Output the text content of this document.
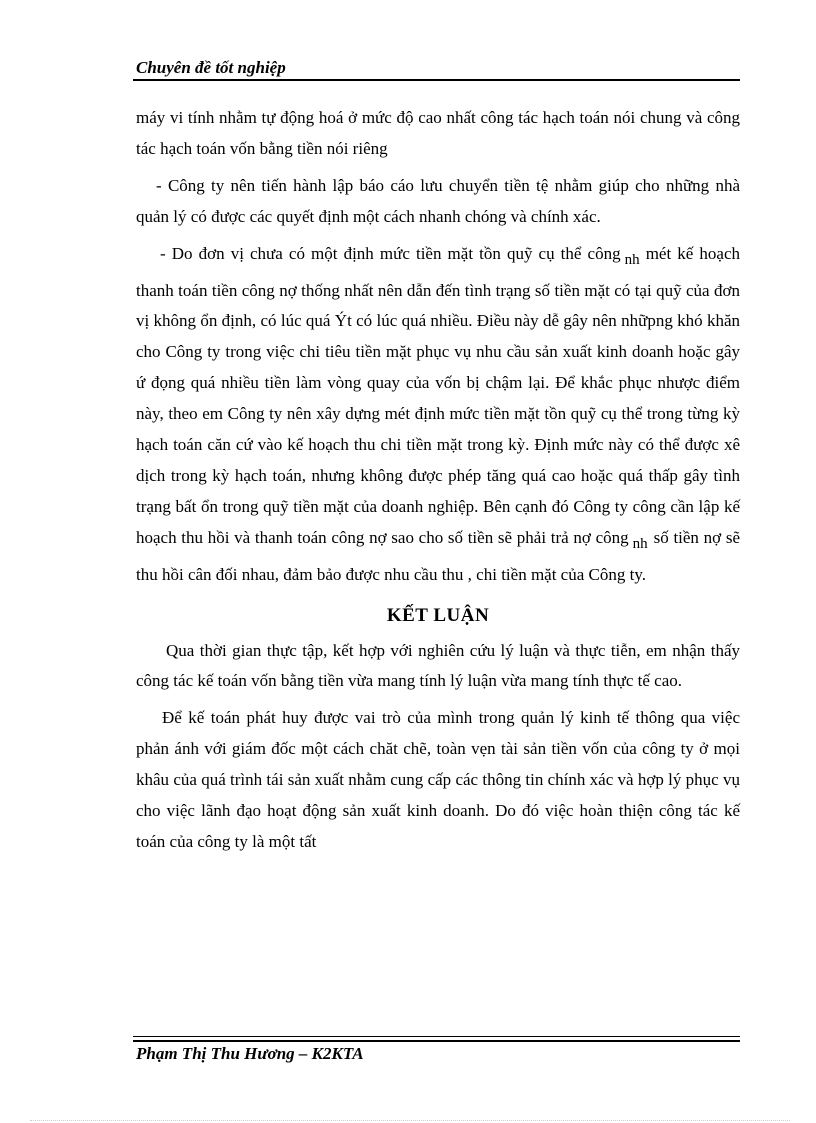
Chuyên đề tốt nghiệp

máy vi tính nhằm tự động hoá ở mức độ cao nhất công tác hạch toán nói chung và công tác hạch toán vốn bằng tiền nói riêng

- Công ty nên tiến hành lập báo cáo lưu chuyển tiền tệ nhằm giúp cho những nhà quản lý có được các quyết định một cách nhanh chóng và chính xác.

- Do đơn vị chưa có một định mức tiền mặt tồn quỹ cụ thể công nh mét kế hoạch thanh toán tiền công nợ thống nhất nên dẫn đến tình trạng số tiền mặt có tại quỹ của đơn vị không ổn định, có lúc quá Ýt có lúc quá nhiều. Điều này dễ gây nên nhữpng khó khăn cho Công ty trong việc chi tiêu tiền mặt phục vụ nhu cầu sản xuất kinh doanh hoặc gây ứ đọng quá nhiều tiền làm vòng quay của vốn bị chậm lại. Để khắc phục nhược điểm này, theo em Công ty nên xây dựng mét định mức tiền mặt tồn quỹ cụ thể trong từng kỳ hạch toán căn cứ vào kế hoạch thu chi tiền mặt trong kỳ. Định mức này có thể được xê dịch trong kỳ hạch toán, nhưng không được phép tăng quá cao hoặc quá thấp gây tình trạng bất ổn trong quỹ tiền mặt của doanh nghiệp. Bên cạnh đó Công ty công cần lập kế hoạch thu hồi và thanh toán công nợ sao cho số tiền sẽ phải trả nợ công nh số tiền nợ sẽ thu hồi cân đối nhau, đảm bảo được nhu cầu thu , chi tiền mặt của Công ty.

KẾT LUẬN

Qua thời gian thực tập, kết hợp với nghiên cứu lý luận và thực tiễn, em nhận thấy công tác kế toán vốn bằng tiền vừa mang tính lý luận vừa mang tính thực tế cao.

Để kế toán phát huy được vai trò của mình trong quản lý kinh tế thông qua việc phản ánh với giám đốc một cách chăt chẽ, toàn vẹn tài sản tiền vốn của công ty ở mọi khâu của quá trình tái sản xuất nhằm cung cấp các thông tin chính xác và hợp lý phục vụ cho việc lãnh đạo hoạt động sản xuất kinh doanh. Do đó việc hoàn thiện công tác kế toán của công ty là một tất

Phạm Thị Thu Hương – K2KTA
